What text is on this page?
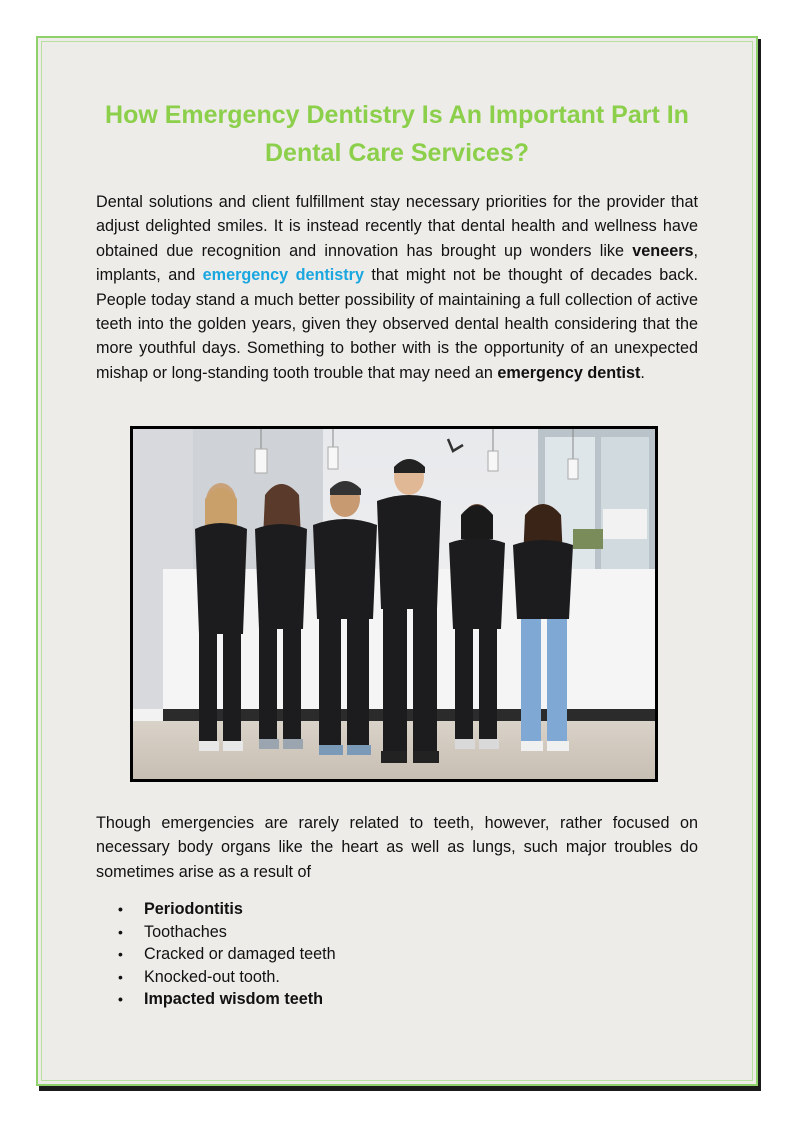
How Emergency Dentistry Is An Important Part In Dental Care Services?

Dental solutions and client fulfillment stay necessary priorities for the provider that adjust delighted smiles. It is instead recently that dental health and wellness have obtained due recognition and innovation has brought up wonders like veneers, implants, and emergency dentistry that might not be thought of decades back. People today stand a much better possibility of maintaining a full collection of active teeth into the golden years, given they observed dental health considering that the more youthful days. Something to bother with is the opportunity of an unexpected mishap or long-standing tooth trouble that may need an emergency dentist.

Though emergencies are rarely related to teeth, however, rather focused on necessary body organs like the heart as well as lungs, such major troubles do sometimes arise as a result of

• Periodontitis
• Toothaches
• Cracked or damaged teeth
• Knocked-out tooth.
• Impacted wisdom teeth
